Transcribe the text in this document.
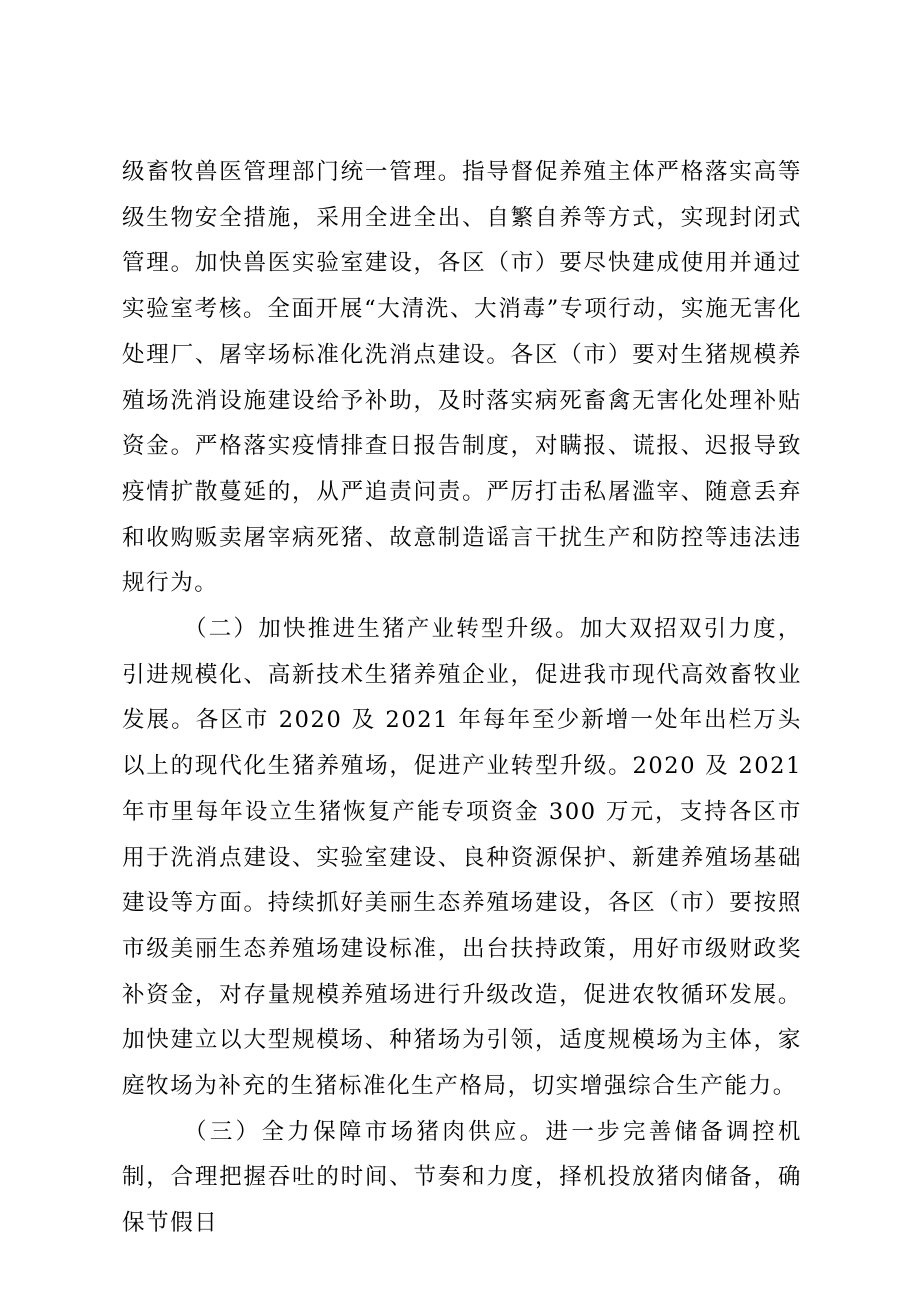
级畜牧兽医管理部门统一管理。指导督促养殖主体严格落实高等级生物安全措施，采用全进全出、自繁自养等方式，实现封闭式管理。加快兽医实验室建设，各区（市）要尽快建成使用并通过实验室考核。全面开展“大清洗、大消毒”专项行动，实施无害化处理厂、屠宰场标准化洗消点建设。各区（市）要对生猪规模养殖场洗消设施建设给予补助，及时落实病死畜禽无害化处理补贴资金。严格落实疫情排查日报告制度，对瞒报、谎报、迟报导致疫情扩散蔓延的，从严追责问责。严厉打击私屠滥宰、随意丢弃和收购贩卖屠宰病死猪、故意制造谣言干扰生产和防控等违法违规行为。

（二）加快推进生猪产业转型升级。加大双招双引力度，引进规模化、高新技术生猪养殖企业，促进我市现代高效畜牧业发展。各区市 2020 及 2021 年每年至少新增一处年出栏万头以上的现代化生猪养殖场，促进产业转型升级。2020 及 2021 年市里每年设立生猪恢复产能专项资金 300 万元，支持各区市用于洗消点建设、实验室建设、良种资源保护、新建养殖场基础建设等方面。持续抓好美丽生态养殖场建设，各区（市）要按照市级美丽生态养殖场建设标准，出台扶持政策，用好市级财政奖补资金，对存量规模养殖场进行升级改造，促进农牧循环发展。加快建立以大型规模场、种猪场为引领，适度规模场为主体，家庭牧场为补充的生猪标准化生产格局，切实增强综合生产能力。

（三）全力保障市场猪肉供应。进一步完善储备调控机制，合理把握吞吐的时间、节奏和力度，择机投放猪肉储备，确保节假日
